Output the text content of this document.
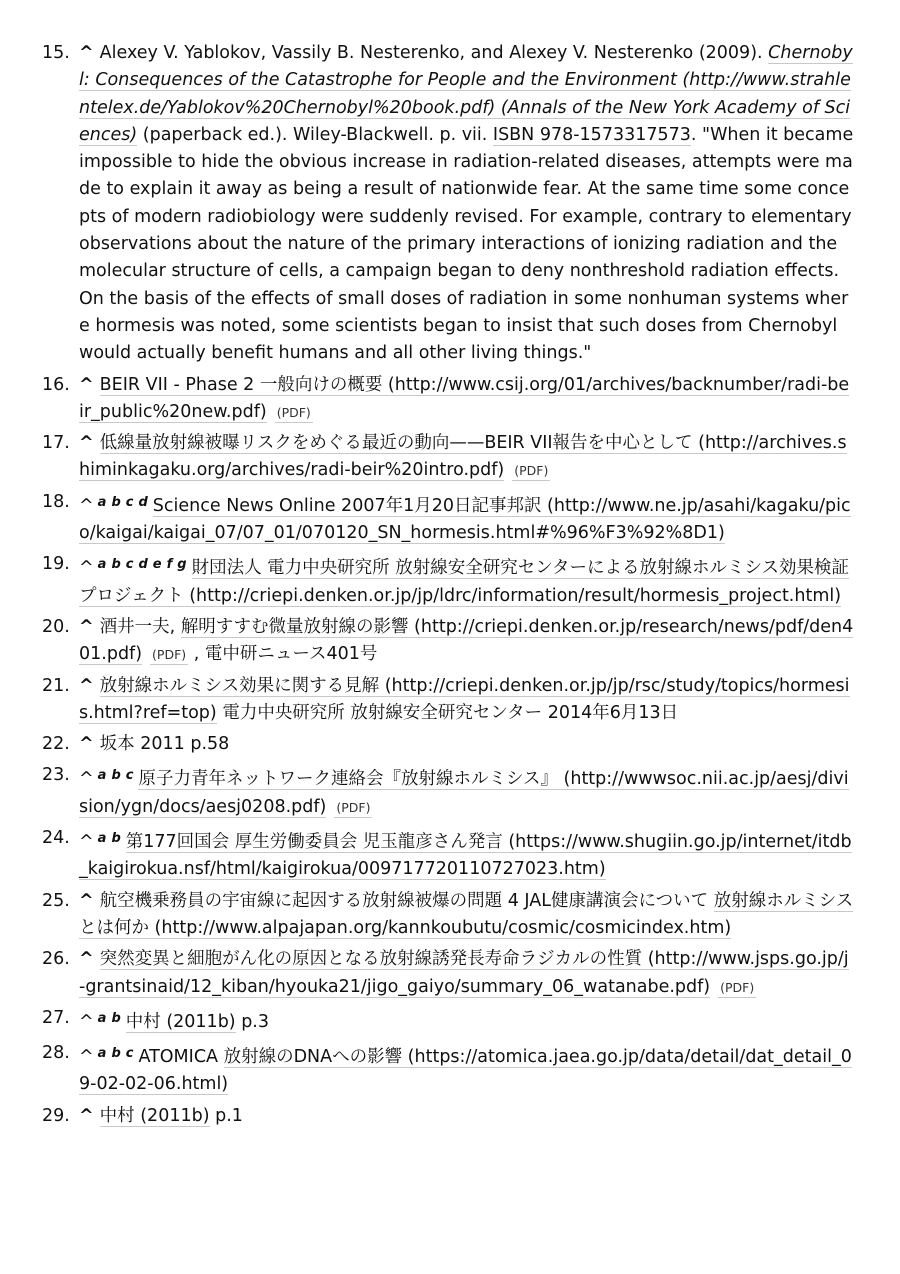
15. ^ Alexey V. Yablokov, Vassily B. Nesterenko, and Alexey V. Nesterenko (2009). Chernobyl: Consequences of the Catastrophe for People and the Environment (http://www.strahlentelex.de/Yablokov%20Chernobyl%20book.pdf) (Annals of the New York Academy of Sciences) (paperback ed.). Wiley-Blackwell. p. vii. ISBN 978-1573317573. "When it became impossible to hide the obvious increase in radiation-related diseases, attempts were made to explain it away as being a result of nationwide fear. At the same time some concepts of modern radiobiology were suddenly revised. For example, contrary to elementary observations about the nature of the primary interactions of ionizing radiation and the molecular structure of cells, a campaign began to deny nonthreshold radiation effects. On the basis of the effects of small doses of radiation in some nonhuman systems where hormesis was noted, some scientists began to insist that such doses from Chernobyl would actually benefit humans and all other living things."
16. ^ BEIR VII - Phase 2 一般向けの概要 (http://www.csij.org/01/archives/backnumber/radi-beir_public%20new.pdf) (PDF)
17. ^ 低線量放射線被曝リスクをめぐる最近の動向——BEIR VII報告を中心として (http://archives.shiminkagaku.org/archives/radi-beir%20intro.pdf) (PDF)
18. ^ $^a$ $^b$ $^c$ $^d$ Science News Online 2007年1月20日記事邦訳 (http://www.ne.jp/asahi/kagaku/pico/kaigai/kaigai_07/07_01/070120_SN_hormesis.html#%96%F3%92%8D1)
19. ^ $^a$ $^b$ $^c$ $^d$ $^e$ $^f$ $^g$ 財団法人 電力中央研究所 放射線安全研究センターによる放射線ホルミシス効果検証プロジェクト (http://criepi.denken.or.jp/jp/ldrc/information/result/hormesis_project.html)
20. ^ 酒井一夫, 解明すすむ微量放射線の影響 (http://criepi.denken.or.jp/research/news/pdf/den401.pdf) (PDF) , 電中研ニュース401号
21. ^ 放射線ホルミシス効果に関する見解 (http://criepi.denken.or.jp/jp/rsc/study/topics/hormesis.html?ref=top) 電力中央研究所 放射線安全研究センター 2014年6月13日
22. ^ 坂本 2011 p.58
23. ^ $^a$ $^b$ $^c$ 原子力青年ネットワーク連絡会『放射線ホルミシス』 (http://wwwsoc.nii.ac.jp/aesj/division/ygn/docs/aesj0208.pdf) (PDF)
24. ^ $^a$ $^b$ 第177回国会 厚生労働委員会 児玉龍彦さん発言 (https://www.shugiin.go.jp/internet/itdb_kaigirokua.nsf/html/kaigirokua/009717720110727023.htm)
25. ^ 航空機乗務員の宇宙線に起因する放射線被爆の問題 4 JAL健康講演会について 放射線ホルミシスとは何か (http://www.alpajapan.org/kannkoubutu/cosmic/cosmicindex.htm)
26. ^ 突然変異と細胞がん化の原因となる放射線誘発長寿命ラジカルの性質 (http://www.jsps.go.jp/j-grantsinaid/12_kiban/hyouka21/jigo_gaiyo/summary_06_watanabe.pdf) (PDF)
27. ^ $^a$ $^b$ 中村 (2011b) p.3
28. ^ $^a$ $^b$ $^c$ ATOMICA 放射線のDNAへの影響 (https://atomica.jaea.go.jp/data/detail/dat_detail_09-02-02-06.html)
29. ^ 中村 (2011b) p.1
